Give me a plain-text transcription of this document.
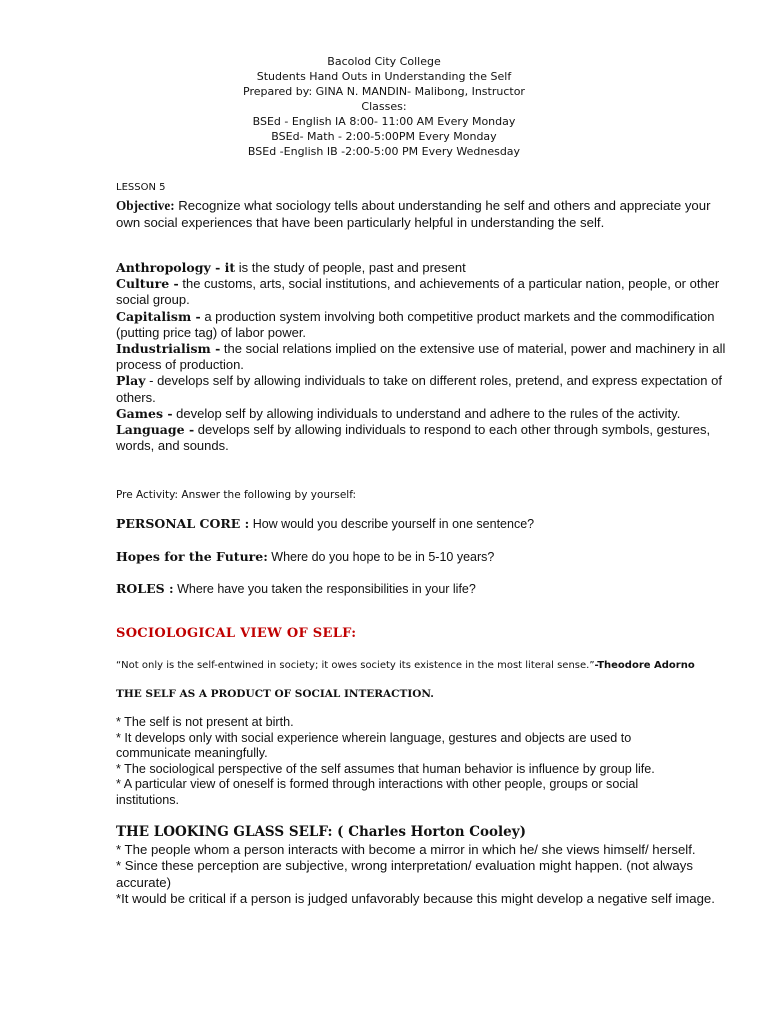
Bacolod City College
Students Hand Outs in Understanding the Self
Prepared by: GINA N. MANDIN- Malibong, Instructor
Classes:
BSEd - English IA 8:00- 11:00 AM Every Monday
BSEd- Math - 2:00-5:00PM Every Monday
BSEd -English IB -2:00-5:00 PM Every Wednesday
LESSON 5
Objective: Recognize what sociology tells about understanding he self and others and appreciate your own social experiences that have been particularly helpful in understanding the self.

Anthropology - it is the study of people, past and present

Culture - the customs, arts, social institutions, and achievements of a particular nation, people, or other social group.

Capitalism - a production system involving both competitive product markets and the commodification (putting price tag) of labor power.

Industrialism - the social relations implied on the extensive use of material, power and machinery in all process of production.

Play - develops self by allowing individuals to take on different roles, pretend, and express expectation of others.

Games - develop self by allowing individuals to understand and adhere to the rules of the activity.

Language - develops self by allowing individuals to respond to each other through symbols, gestures, words, and sounds.

Pre Activity: Answer the following by yourself:
PERSONAL CORE : How would you describe yourself in one sentence?
Hopes for the Future: Where do you hope to be in 5-10 years?
ROLES : Where have you taken the responsibilities in your life?
SOCIOLOGICAL VIEW OF SELF:
“Not only is the self-entwined in society; it owes society its existence in the most literal sense.”-Theodore Adorno
THE SELF AS A PRODUCT OF SOCIAL INTERACTION.

* The self is not present at birth.

* It develops only with social experience wherein language, gestures and objects are used to communicate meaningfully.

* The sociological perspective of the self assumes that human behavior is influence by group life.

* A particular view of oneself is formed through interactions with other people, groups or social institutions.

THE LOOKING GLASS SELF: ( Charles Horton Cooley)

* The people whom a person interacts with become a mirror in which he/ she views himself/ herself.

* Since these perception are subjective, wrong interpretation/ evaluation might happen. (not always accurate)

*It would be critical if a person is judged unfavorably because this might develop a negative self image.
